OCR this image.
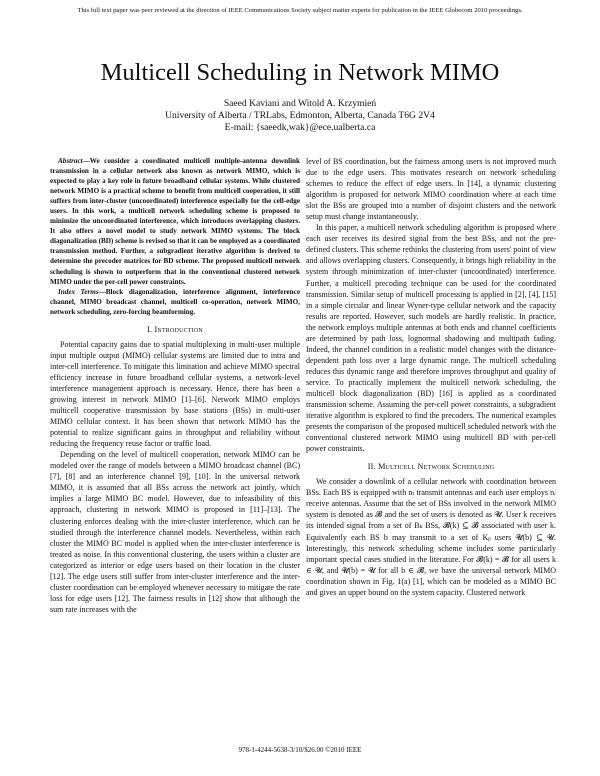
This full text paper was peer reviewed at the direction of IEEE Communications Society subject matter experts for publication in the IEEE Globecom 2010 proceedings.
Multicell Scheduling in Network MIMO
Saeed Kaviani and Witold A. Krzymień
University of Alberta / TRLabs, Edmonton, Alberta, Canada T6G 2V4
E-mail: {saeedk,wak}@ece.ualberta.ca

Abstract—We consider a coordinated multicell multiple-antenna downlink transmission in a cellular network also known as network MIMO, which is expected to play a key role in future broadband cellular systems. While clustered network MIMO is a practical scheme to benefit from multicell cooperation, it still suffers from inter-cluster (uncoordinated) interference especially for the cell-edge users. In this work, a multicell network scheduling scheme is proposed to minimize the uncoordinated interference, which introduces overlapping clusters. It also offers a novel model to study network MIMO systems. The block diagonalization (BD) scheme is revised so that it can be employed as a coordinated transmission method. Further, a subgradient iterative algorithm is derived to determine the precoder matrices for BD scheme. The proposed multicell network scheduling is shown to outperform that in the conventional clustered network MIMO under the per-cell power constraints.

Index Terms—Block diagonalization, interference alignment, interference channel, MIMO broadcast channel, multicell co-operation, network MIMO, network scheduling, zero-forcing beamforming.

I. Introduction

Potential capacity gains due to spatial multiplexing in multi-user multiple input multiple output (MIMO) cellular systems are limited due to intra and inter-cell interference. To mitigate this limitation and achieve MIMO spectral efficiency increase in future broadband cellular systems, a network-level interference management approach is necessary. Hence, there has been a growing interest in network MIMO [1]–[6]. Network MIMO employs multicell cooperative transmission by base stations (BSs) in multi-user MIMO cellular context. It has been shown that network MIMO has the potential to realize significant gains in throughput and reliability without reducing the frequency reuse factor or traffic load.

Depending on the level of multicell cooperation, network MIMO can be modeled over the range of models between a MIMO broadcast channel (BC) [7], [8] and an interference channel [9], [10]. In the universal network MIMO, it is assumed that all BSs across the network act jointly, which implies a large MIMO BC model. However, due to infeasibility of this approach, clustering in network MIMO is proposed in [11]–[13]. The clustering enforces dealing with the inter-cluster interference, which can be studied through the interference channel models. Nevertheless, within each cluster the MIMO BC model is applied when the inter-cluster interference is treated as noise. In this conventional clustering, the users within a cluster are categorized as interior or edge users based on their location in the cluster [12]. The edge users still suffer from inter-cluster interference and the inter-cluster coordination can be employed whenever necessary to mitigate the rate loss for edge users [12]. The fairness results in [12] show that although the sum rate increases with the

level of BS coordination, but the fairness among users is not improved much due to the edge users. This motivates research on network scheduling schemes to reduce the effect of edge users. In [14], a dynamic clustering algorithm is proposed for network MIMO coordination where at each time slot the BSs are grouped into a number of disjoint clusters and the network setup must change instantaneously.

In this paper, a multicell network scheduling algorithm is proposed where each user receives its desired signal from the best BSs, and not the pre-defined clusters. This scheme rethinks the clustering from users' point of view and allows overlapping clusters. Consequently, it brings high reliability in the system through minimization of inter-cluster (uncoordinated) interference. Further, a multicell precoding technique can be used for the coordinated transmission. Similar setup of multicell processing is applied in [2], [4], [15] in a simple circular and linear Wyner-type cellular network and the capacity results are reported. However, such models are hardly realistic. In practice, the network employs multiple antennas at both ends and channel coefficients are determined by path loss, lognormal shadowing and multipath fading. Indeed, the channel condition in a realistic model changes with the distance-dependent path loss over a large dynamic range. The multicell scheduling reduces this dynamic range and therefore improves throughput and quality of service. To practically implement the multicell network scheduling, the multicell block diagonalization (BD) [16] is applied as a coordinated transmission scheme. Assuming the per-cell power constraints, a subgradient iterative algorithm is explored to find the precoders. The numerical examples presents the comparison of the proposed multicell scheduled network with the conventional clustered network MIMO using multicell BD with per-cell power constraints.

II. Multicell Network Scheduling

We consider a downlink of a cellular network with coordination between BSs. Each BS is equipped with nₜ transmit antennas and each user employs nᵣ receive antennas. Assume that the set of BSs involved in the network MIMO system is denoted as 𝓑 and the set of users is denoted as 𝓤. User k receives its intended signal from a set of Bₖ BSs, 𝓑(k) ⊆ 𝓑 associated with user k. Equivalently each BS b may transmit to a set of Kᵦ users 𝓤(b) ⊆ 𝓤. Interestingly, this network scheduling scheme includes some particularly important special cases studied in the literature. For 𝓑(k) = 𝓑 for all users k ∈ 𝓤, and 𝓤(b) = 𝓤 for all b ∈ 𝓑, we have the universal network MIMO coordination shown in Fig. 1(a) [1], which can be modeled as a MIMO BC and gives an upper bound on the system capacity. Clustered network

978-1-4244-5638-3/10/$26.00 ©2010 IEEE
